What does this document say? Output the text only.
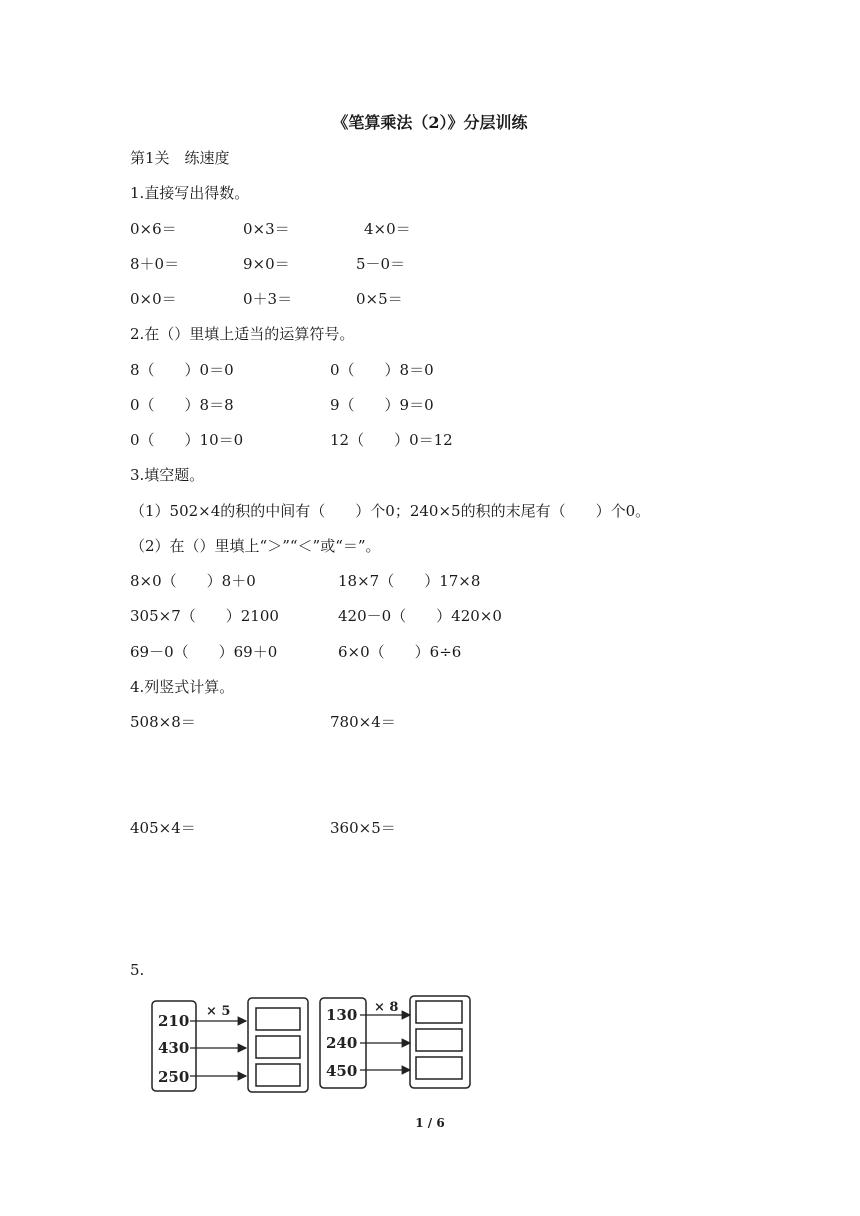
《笔算乘法（2）》分层训练
第1关　练速度
1.直接写出得数。
0×6＝	0×3＝	4×0＝
8＋0＝	9×0＝	5－0＝
0×0＝	0＋3＝	0×5＝
2.在（）里填上适当的运算符号。
8（　　）0＝0	0（　　）8＝0
0（　　）8＝8	9（　　）9＝0
0（　　）10＝0	12（　　）0＝12
3.填空题。
（1）502×4的积的中间有（　　）个0；240×5的积的末尾有（　　）个0。
（2）在（）里填上“＞”“＜”或“＝”。
8×0（　　）8＋0	18×7（　　）17×8
305×7（　　）2100	420－0（　　）420×0
69－0（　　）69＋0	6×0（　　）6÷6
4.列竖式计算。
508×8＝	780×4＝
405×4＝	360×5＝
5.
210
430
250
× 5	130
240
450
× 8
1 / 6
